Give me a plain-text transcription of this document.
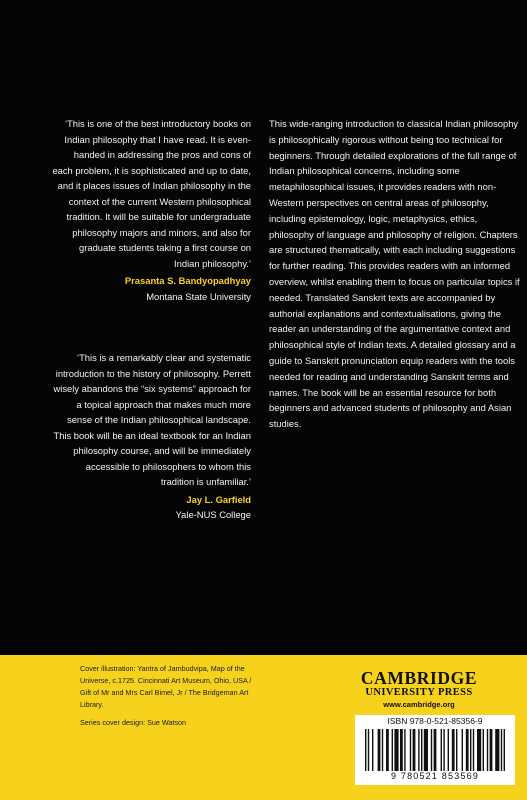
‘This is one of the best introductory books on Indian philosophy that I have read. It is even-handed in addressing the pros and cons of each problem, it is sophisticated and up to date, and it places issues of Indian philosophy in the context of the current Western philosophical tradition. It will be suitable for undergraduate philosophy majors and minors, and also for graduate students taking a first course on Indian philosophy.’

Prasanta S. Bandyopadhyay
Montana State University

‘This is a remarkably clear and systematic introduction to the history of philosophy. Perrett wisely abandons the “six systems” approach for a topical approach that makes much more sense of the Indian philosophical landscape. This book will be an ideal textbook for an Indian philosophy course, and will be immediately accessible to philosophers to whom this tradition is unfamiliar.’

Jay L. Garfield
Yale-NUS College

This wide-ranging introduction to classical Indian philosophy is philosophically rigorous without being too technical for beginners. Through detailed explorations of the full range of Indian philosophical concerns, including some metaphilosophical issues, it provides readers with non-Western perspectives on central areas of philosophy, including epistemology, logic, metaphysics, ethics, philosophy of language and philosophy of religion. Chapters are structured thematically, with each including suggestions for further reading. This provides readers with an informed overview, whilst enabling them to focus on particular topics if needed. Translated Sanskrit texts are accompanied by authorial explanations and contextualisations, giving the reader an understanding of the argumentative context and philosophical style of Indian texts. A detailed glossary and a guide to Sanskrit pronunciation equip readers with the tools needed for reading and understanding Sanskrit terms and names. The book will be an essential resource for both beginners and advanced students of philosophy and Asian studies.

Cover illustration: Yantra of Jambudvipa, Map of the Universe, c.1725. Cincinnati Art Museum, Ohio, USA / Gift of Mr and Mrs Carl Bimel, Jr / The Bridgeman Art Library.

Series cover design: Sue Watson

CAMBRIDGE
UNIVERSITY PRESS
www.cambridge.org
ISBN 978-0-521-85356-9
9 780521 853569
